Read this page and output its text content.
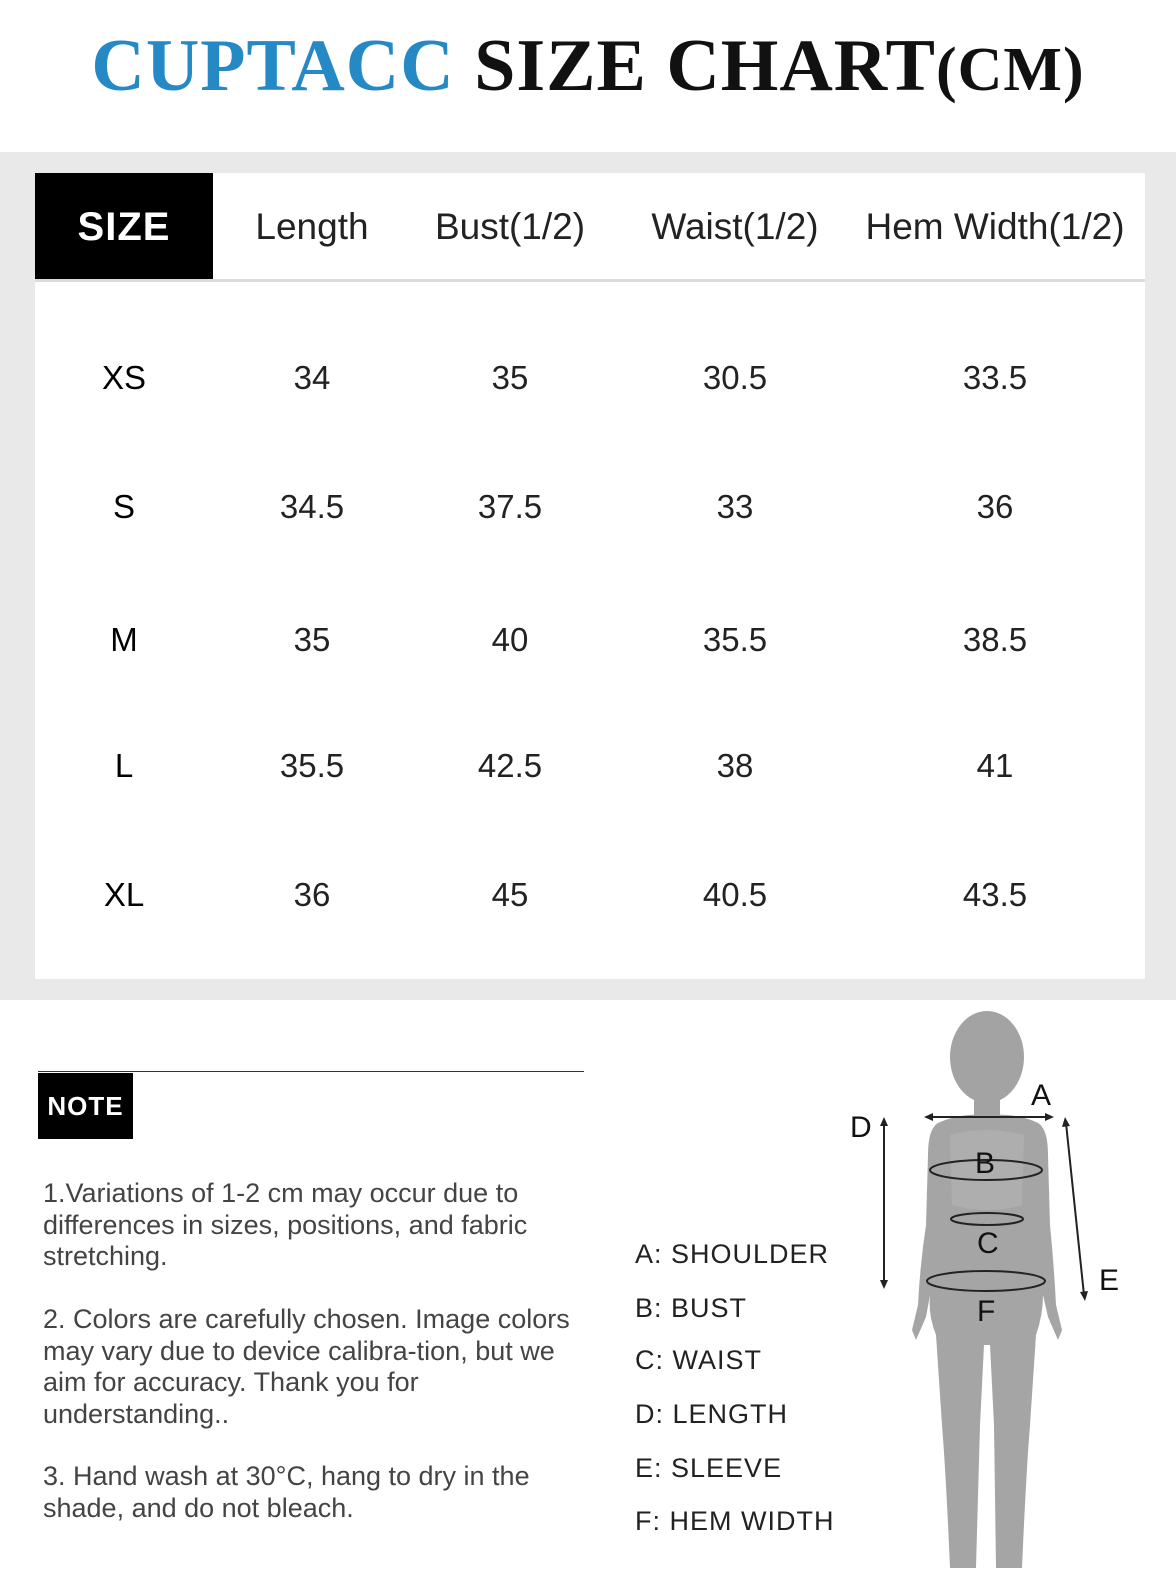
CUPTACC SIZE CHART(CM)
SIZE	Length	Bust(1/2)	Waist(1/2)	Hem Width(1/2)
XS	34	35	30.5	33.5
S	34.5	37.5	33	36
M	35	40	35.5	38.5
L	35.5	42.5	38	41
XL	36	45	40.5	43.5
NOTE
1.Variations of 1-2 cm may occur due to differences in sizes, positions, and fabric stretching.
2. Colors are carefully chosen. Image colors may vary due to device calibra-tion, but we aim for accuracy. Thank you for understanding..
3. Hand wash at 30°C, hang to dry in the shade, and do not bleach.
A: SHOULDER
B: BUST
C: WAIST
D: LENGTH
E: SLEEVE
F: HEM WIDTH
A
B
C
D
E
F
